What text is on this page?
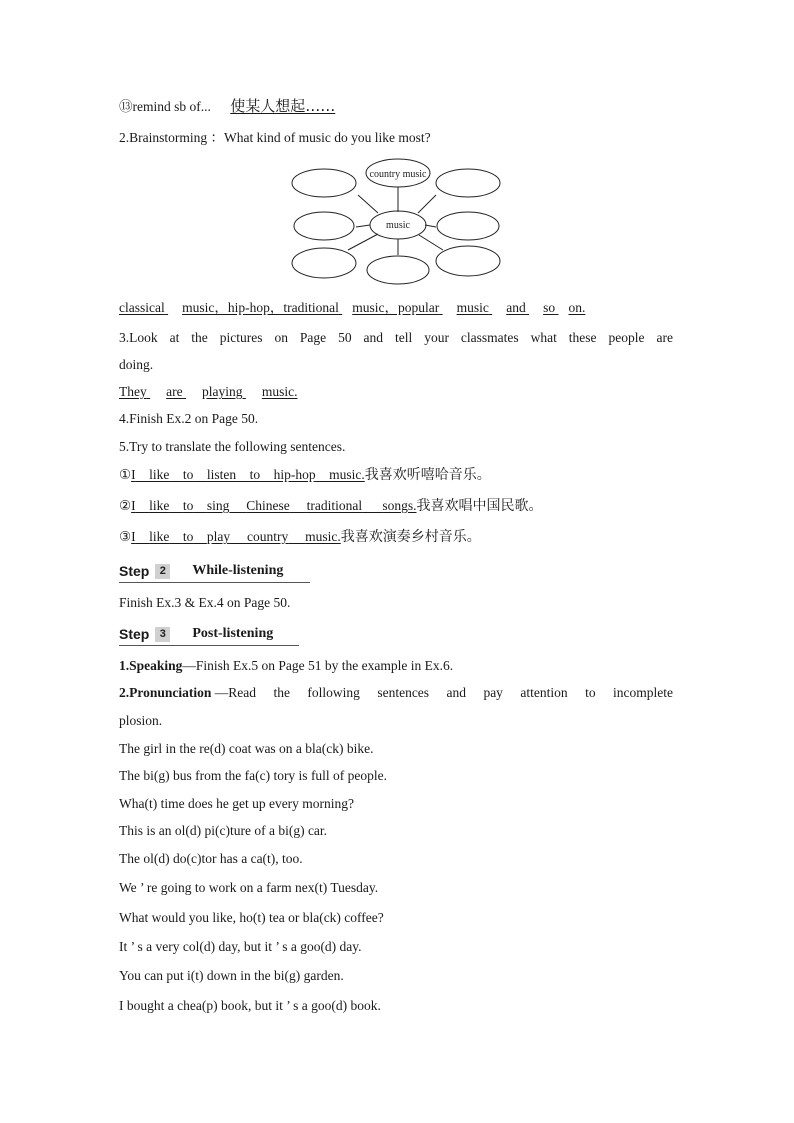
⑬remind sb of... 使某人想起……
2.Brainstorming ：What kind of music do you like most?
country music
music
classical music，hip-hop，traditional music，popular music and so on.
3.Look at the pictures on Page 50 and tell your classmates what these people are
doing.
They are playing music.
4.Finish Ex.2 on Page 50.
5.Try to translate the following sentences.
①I like to listen to hip-hop music.我喜欢听嘻哈音乐。
②I like to sing Chinese traditional songs.我喜欢唱中国民歌。
③I like to play country music.我喜欢演奏乡村音乐。
Step 2	While-listening
Finish Ex.3 & Ex.4 on Page 50.
Step 3	Post-listening
1.Speaking—Finish Ex.5 on Page 51 by the example in Ex.6.
2.Pronunciation —Read the following sentences and pay attention to incomplete
plosion.
The girl in the re(d) coat was on a bla(ck) bike.
The bi(g) bus from the fa(c) tory is full of people.
Wha(t) time does he get up every morning?
This is an ol(d) pi(c)ture of a bi(g) car.
The ol(d) do(c)tor has a ca(t), too.
We ’ re going to work on a farm nex(t) Tuesday.
What would you like, ho(t) tea or bla(ck) coffee?
It ’ s a very col(d) day, but it ’ s a goo(d) day.
You can put i(t) down in the bi(g) garden.
I bought a chea(p) book, but it ’ s a goo(d) book.
